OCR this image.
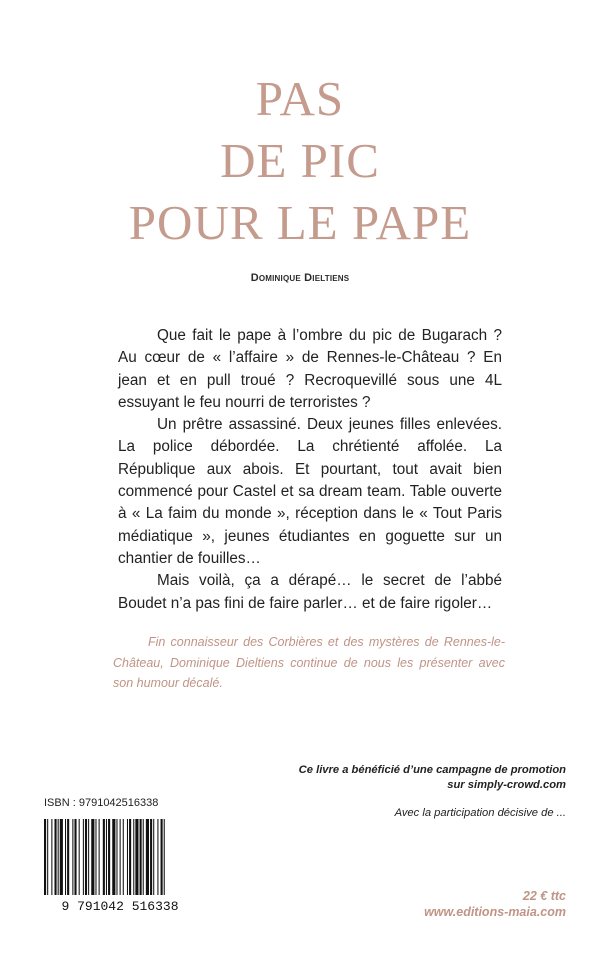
PAS
DE PIC
POUR LE PAPE
Dominique Dieltiens

Que fait le pape à l’ombre du pic de Bugarach ? Au cœur de « l’affaire » de Rennes-le-Château ? En jean et en pull troué ? Recroquevillé sous une 4L essuyant le feu nourri de terroristes ?

Un prêtre assassiné. Deux jeunes filles enlevées. La police débordée. La chrétienté affolée. La République aux abois. Et pourtant, tout avait bien commencé pour Castel et sa dream team. Table ouverte à « La faim du monde », réception dans le « Tout Paris médiatique », jeunes étudiantes en goguette sur un chantier de fouilles…

Mais voilà, ça a dérapé… le secret de l’abbé Boudet n’a pas fini de faire parler… et de faire rigoler…

Fin connaisseur des Corbières et des mystères de Rennes-le-Château, Dominique Dieltiens continue de nous les présenter avec son humour décalé.

Ce livre a bénéficié d’une campagne de promotion
sur simply-crowd.com
Avec la participation décisive de ...
ISBN : 9791042516338
9 791042 516338
22 € ttc
www.editions-maia.com
